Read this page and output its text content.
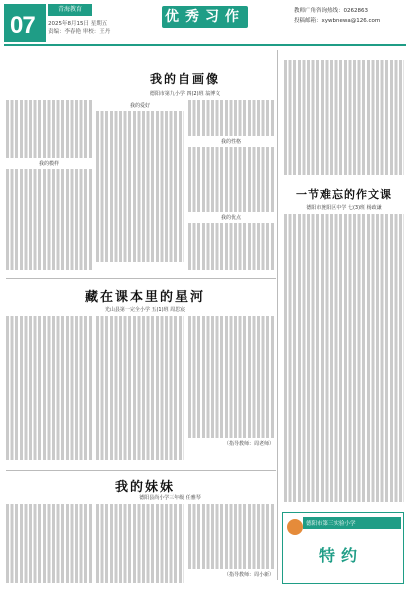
07
青海教育
2025年8月15日 星期五
责编：李春艳 审校：王丹
优秀习作	教师广角咨询热线：0262863
投稿邮箱：xywbnewa@126.com
我的自画像
德阳市第九小学 四(2)班 翁博文
我的模样
我的爱好
我的性格
我的优点
一节难忘的作文课
德阳市旌阳区中学 七(3)班 杨政谦
藏在课本里的星河
光山县第一完全小学 五(1)班 周思宸
（指导教师：周老师）
我的妹妹
德阳县尚小学三年级 任雅琴
（指导教师：周小新）
德阳市第三实验小学
特约
